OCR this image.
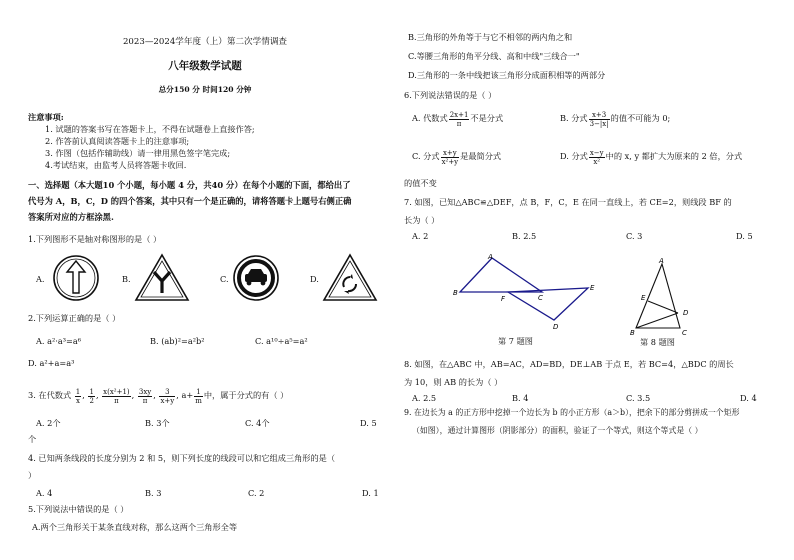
2023—2024学年度（上）第二次学情调查
八年级数学试题
总分150 分 时间120 分钟
注意事项:
1. 试题的答案书写在答题卡上，不得在试题卷上直接作答;
2. 作答前认真阅读答题卡上的注意事项;
3. 作图（包括作辅助线）请一律用黑色签字笔完成;
4.考试结束，由监考人员将答题卡收回.
一、选择题（本大题10 个小题，每小题 4 分，共40 分）在每个小题的下面，都给出了
代号为 A，B，C，D 的四个答案，其中只有一个是正确的，请将答题卡上题号右侧正确
答案所对应的方框涂黑.
1.下列图形不是轴对称图形的是（ ）
A.	B.	C.	D.
2.下列运算正确的是（ ）
A. a²·a³=a⁶	B. (ab)²=a²b²	C. a¹⁰÷a⁵=a²
D. a²+a=a³
3. 在代数式 $\frac{1}{x}$ , $\frac{1}{2}$ , $\frac{\text{x(x²+1)}}{\pi}$ , $\frac{3xy}{\pi}$ , $\frac{3}{x+y}$ , $a+ \frac{1}{m}$ 中，属于分式的有（ ）
A. 2个	B. 3个	C. 4个	D. 5
个
4. 已知两条线段的长度分别为 2 和 5，则下列长度的线段可以和它组成三角形的是（
）
A. 4	B. 3	C. 2	D. 1
5.下列说法中错误的是（ ）
A.两个三角形关于某条直线对称，那么这两个三角形全等
B.三角形的外角等于与它不相邻的两内角之和
C.等腰三角形的角平分线、高和中线"三线合一"
D.三角形的一条中线把该三角形分成面积相等的两部分
6.下列说法错误的是（ ）
A. 代数式 $\frac{2x+1}{\pi}$ 不是分式	B. 分式 $\frac{x+3}{3-|x|}$ 的值不可能为 0;
C. 分式 $\frac{x+y}{\text{x²+y}}$ 是最简分式	D. 分式 $\frac{x-y}{\text{x²}}$ 中的 x, y 都扩大为原来的 2 倍，分式
的值不变
7. 如图，已知△ABC≌△DEF，点 B，F，C，E 在同一直线上，若 CE=2，则线段 BF 的
长为（ ）
A. 2	B. 2.5	C. 3	D. 5
A
B
F	C
E
D
第 7 题图
A
E
D
B	C
第 8 题图
8. 如图，在△ABC 中，AB=AC，AD=BD，DE⊥AB 于点 E，若 BC=4，△BDC 的周长
为 10，则 AB 的长为（ ）
A. 2.5	B. 4	C. 3.5	D. 4
9. 在边长为 a 的正方形中挖掉一个边长为 b 的小正方形（a＞b），把余下的部分剪拼成一个矩形
（如图），通过计算图形（阴影部分）的面积，验证了一个等式，则这个等式是（ ）
